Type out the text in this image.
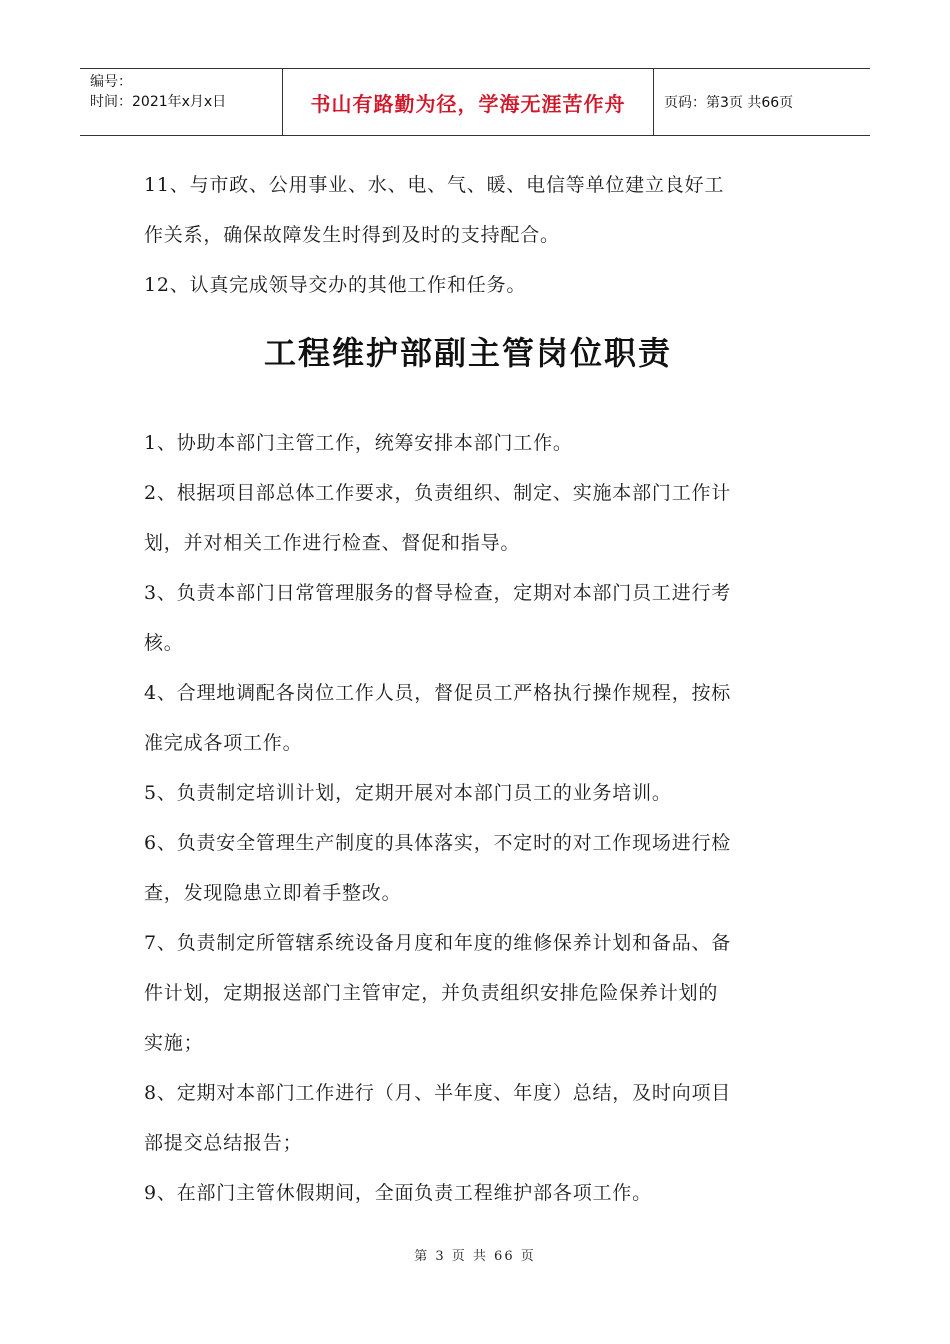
编号：
时间：2021年x月x日	书山有路勤为径，学海无涯苦作舟	页码：第3页 共66页

11、与市政、公用事业、水、电、气、暖、电信等单位建立良好工

作关系，确保故障发生时得到及时的支持配合。

12、认真完成领导交办的其他工作和任务。

工程维护部副主管岗位职责

1、协助本部门主管工作，统筹安排本部门工作。

2、根据项目部总体工作要求，负责组织、制定、实施本部门工作计

划，并对相关工作进行检查、督促和指导。

3、负责本部门日常管理服务的督导检查，定期对本部门员工进行考

核。

4、合理地调配各岗位工作人员，督促员工严格执行操作规程，按标

准完成各项工作。

5、负责制定培训计划，定期开展对本部门员工的业务培训。

6、负责安全管理生产制度的具体落实，不定时的对工作现场进行检

查，发现隐患立即着手整改。

7、负责制定所管辖系统设备月度和年度的维修保养计划和备品、备

件计划，定期报送部门主管审定，并负责组织安排危险保养计划的

实施；

8、定期对本部门工作进行（月、半年度、年度）总结，及时向项目

部提交总结报告；

9、在部门主管休假期间，全面负责工程维护部各项工作。

第 3 页 共 66 页
